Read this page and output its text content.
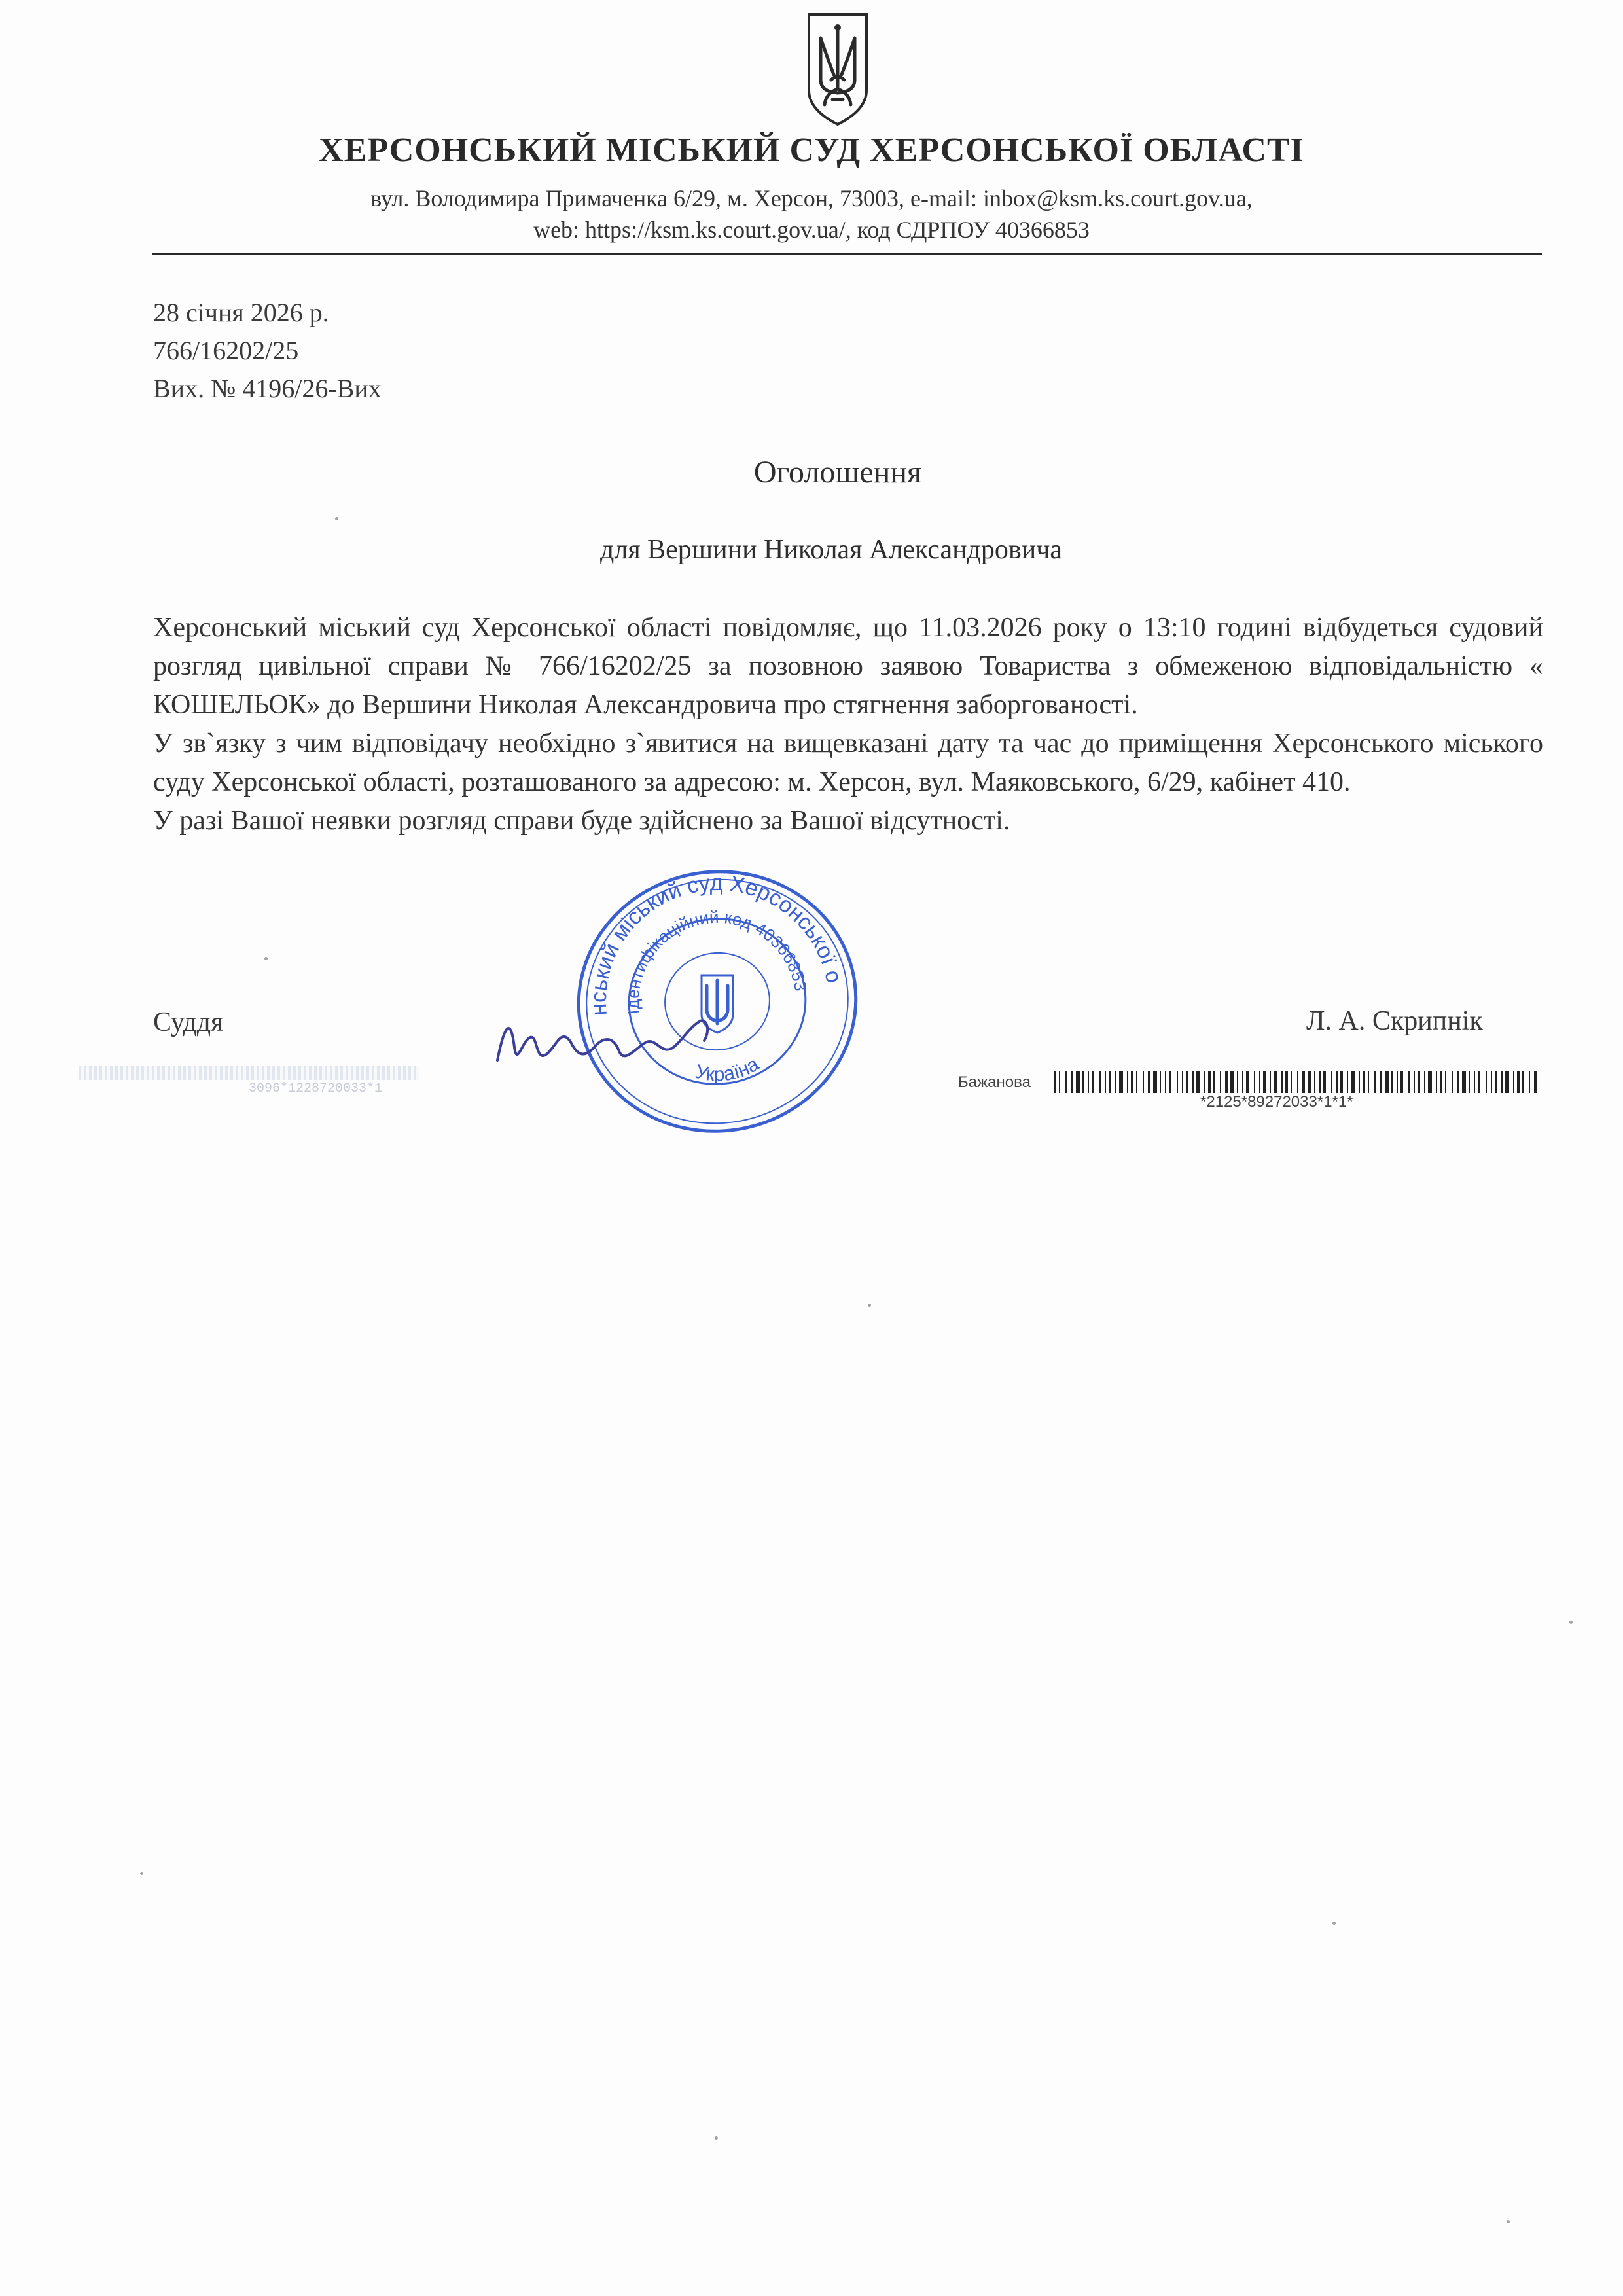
ХЕРСОНСЬКИЙ МІСЬКИЙ СУД ХЕРСОНСЬКОЇ ОБЛАСТІ
вул. Володимира Примаченка 6/29, м. Херсон, 73003, e-mail: inbox@ksm.ks.court.gov.ua,
web: https://ksm.ks.court.gov.ua/, код СДРПОУ 40366853
28 січня 2026 р.
766/16202/25
Вих. № 4196/26-Вих
Оголошення
для Вершини Николая Александровича

Херсонський міський суд Херсонської області повідомляє, що 11.03.2026 року о 13:10 годині відбудеться судовий розгляд цивільної справи № 766/16202/25 за позовною заявою Товариства з обмеженою відповідальністю « КОШЕЛЬОК» до Вершини Николая Александровича про стягнення заборгованості.

У зв`язку з чим відповідачу необхідно з`явитися на вищевказані дату та час до приміщення Херсонського міського суду Херсонської області, розташованого за адресою: м. Херсон, вул. Маяковського, 6/29, кабінет 410.

У разі Вашої неявки розгляд справи буде здійснено за Вашої відсутності.

Суддя	Л. А. Скрипнік
Херсонський міський суд Херсонської області
Ідентифікаційний код 40366853
Україна
3096*1228720033*1	Бажанова
*2125*89272033*1*1*
